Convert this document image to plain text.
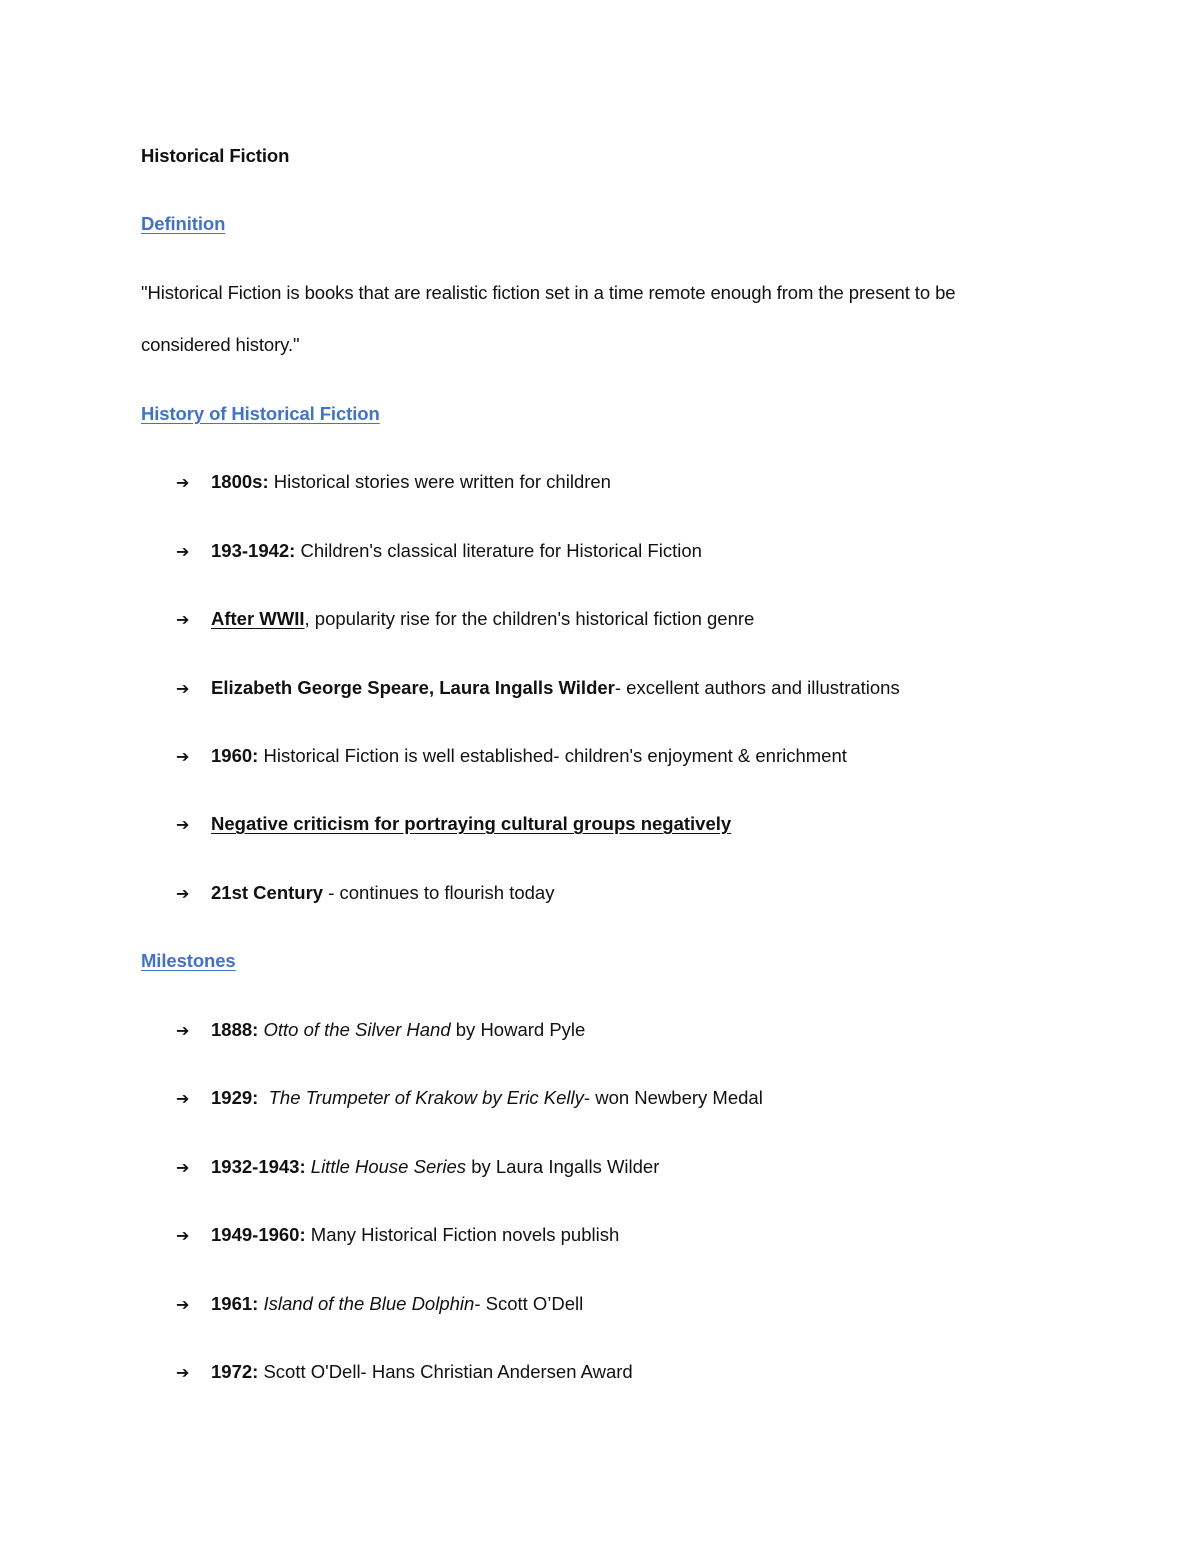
Historical Fiction
Definition
"Historical Fiction is books that are realistic fiction set in a time remote enough from the present to be
considered history."
History of Historical Fiction
➔ 1800s: Historical stories were written for children
➔ 193-1942: Children's classical literature for Historical Fiction
➔ After WWII, popularity rise for the children's historical fiction genre
➔ Elizabeth George Speare, Laura Ingalls Wilder- excellent authors and illustrations
➔ 1960: Historical Fiction is well established- children's enjoyment & enrichment
➔ Negative criticism for portraying cultural groups negatively
➔ 21st Century - continues to flourish today
Milestones
➔ 1888: Otto of the Silver Hand by Howard Pyle
➔ 1929: The Trumpeter of Krakow by Eric Kelly- won Newbery Medal
➔ 1932-1943: Little House Series by Laura Ingalls Wilder
➔ 1949-1960: Many Historical Fiction novels publish
➔ 1961: Island of the Blue Dolphin- Scott O’Dell
➔ 1972: Scott O'Dell- Hans Christian Andersen Award
